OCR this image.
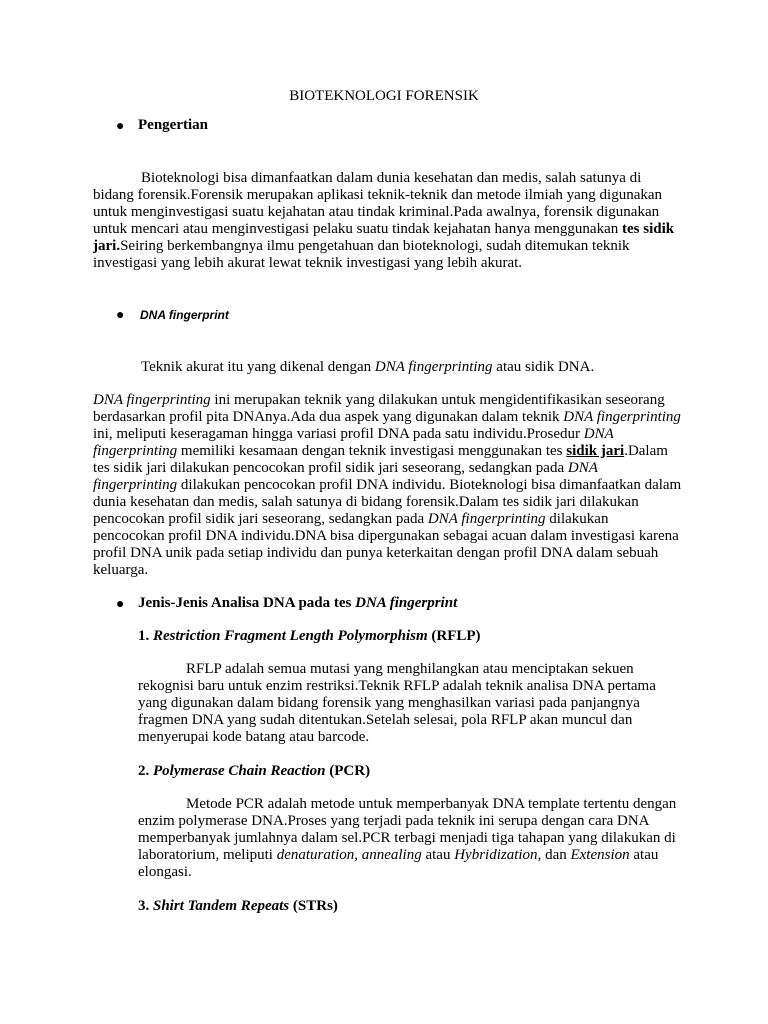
BIOTEKNOLOGI FORENSIK
● Pengertian

Bioteknologi bisa dimanfaatkan dalam dunia kesehatan dan medis, salah satunya di bidang forensik.Forensik merupakan aplikasi teknik-teknik dan metode ilmiah yang digunakan untuk menginvestigasi suatu kejahatan atau tindak kriminal.Pada awalnya, forensik digunakan untuk mencari atau menginvestigasi pelaku suatu tindak kejahatan hanya menggunakan tes sidik jari.Seiring berkembangnya ilmu pengetahuan dan bioteknologi, sudah ditemukan teknik investigasi yang lebih akurat lewat teknik investigasi yang lebih akurat.

● DNA fingerprint

Teknik akurat itu yang dikenal dengan DNA fingerprinting atau sidik DNA.

DNA fingerprinting ini merupakan teknik yang dilakukan untuk mengidentifikasikan seseorang berdasarkan profil pita DNAnya.Ada dua aspek yang digunakan dalam teknik DNA fingerprinting ini, meliputi keseragaman hingga variasi profil DNA pada satu individu.Prosedur DNA fingerprinting memiliki kesamaan dengan teknik investigasi menggunakan tes sidik jari.Dalam tes sidik jari dilakukan pencocokan profil sidik jari seseorang, sedangkan pada DNA fingerprinting dilakukan pencocokan profil DNA individu. Bioteknologi bisa dimanfaatkan dalam dunia kesehatan dan medis, salah satunya di bidang forensik.Dalam tes sidik jari dilakukan pencocokan profil sidik jari seseorang, sedangkan pada DNA fingerprinting dilakukan pencocokan profil DNA individu.DNA bisa dipergunakan sebagai acuan dalam investigasi karena profil DNA unik pada setiap individu dan punya keterkaitan dengan profil DNA dalam sebuah keluarga.

● Jenis-Jenis Analisa DNA pada tes DNA fingerprint
1. Restriction Fragment Length Polymorphism (RFLP)

RFLP adalah semua mutasi yang menghilangkan atau menciptakan sekuen rekognisi baru untuk enzim restriksi.Teknik RFLP adalah teknik analisa DNA pertama yang digunakan dalam bidang forensik yang menghasilkan variasi pada panjangnya fragmen DNA yang sudah ditentukan.Setelah selesai, pola RFLP akan muncul dan menyerupai kode batang atau barcode.

2. Polymerase Chain Reaction (PCR)

Metode PCR adalah metode untuk memperbanyak DNA template tertentu dengan enzim polymerase DNA.Proses yang terjadi pada teknik ini serupa dengan cara DNA memperbanyak jumlahnya dalam sel.PCR terbagi menjadi tiga tahapan yang dilakukan di laboratorium, meliputi denaturation, annealing atau Hybridization, dan Extension atau elongasi.

3. Shirt Tandem Repeats (STRs)
